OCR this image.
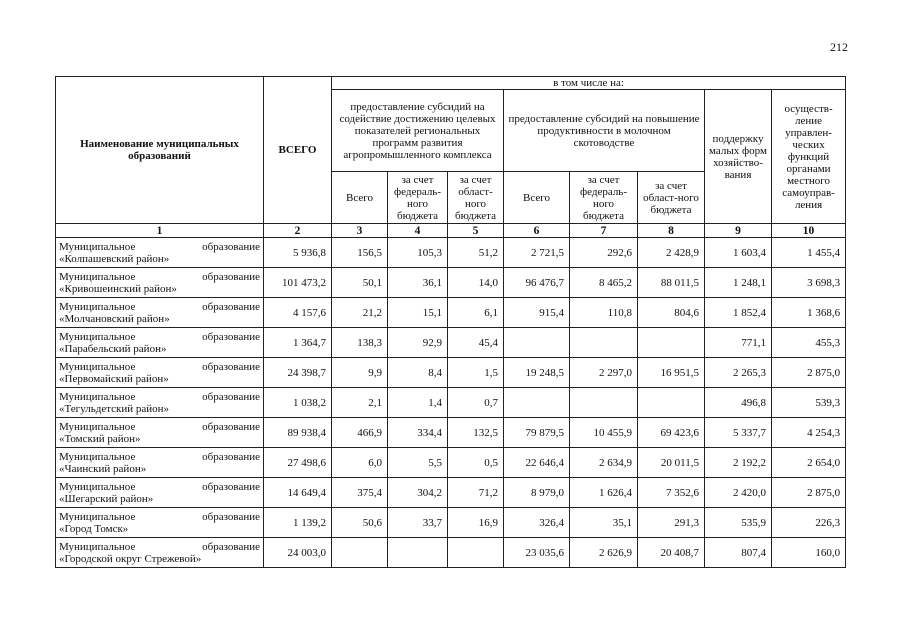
212
Наименование муниципальных образований	ВСЕГО	в том числе на:							
		предоставление субсидий на содействие достижению целевых показателей региональных программ развития агропромышленного комплекса			предоставление субсидий на повышение продуктивности в молочном скотоводстве			поддержку малых форм хозяйство-вания	осуществ-ление управлен-ческих функций органами местного самоуправ-ления
		Всего	за счет федераль-ного бюджета	за счет област-ного бюджета	Всего	за счет федераль-ного бюджета	за счет област-ного бюджета		
1	2	3	4	5	6	7	8	9	10

Муниципальное образование
«Колпашевский район»	5 936,8	156,5	105,3	51,2	2 721,5	292,6	2 428,9	1 603,4	1 455,4

Муниципальное образование
«Кривошеинский район»	101 473,2	50,1	36,1	14,0	96 476,7	8 465,2	88 011,5	1 248,1	3 698,3

Муниципальное образование
«Молчановский район»	4 157,6	21,2	15,1	6,1	915,4	110,8	804,6	1 852,4	1 368,6

Муниципальное образование
«Парабельский район»	1 364,7	138,3	92,9	45,4				771,1	455,3

Муниципальное образование
«Первомайский район»	24 398,7	9,9	8,4	1,5	19 248,5	2 297,0	16 951,5	2 265,3	2 875,0

Муниципальное образование
«Тегульдетский район»	1 038,2	2,1	1,4	0,7				496,8	539,3

Муниципальное образование
«Томский район»	89 938,4	466,9	334,4	132,5	79 879,5	10 455,9	69 423,6	5 337,7	4 254,3

Муниципальное образование
«Чаинский район»	27 498,6	6,0	5,5	0,5	22 646,4	2 634,9	20 011,5	2 192,2	2 654,0

Муниципальное образование
«Шегарский район»	14 649,4	375,4	304,2	71,2	8 979,0	1 626,4	7 352,6	2 420,0	2 875,0

Муниципальное образование
«Город Томск»	1 139,2	50,6	33,7	16,9	326,4	35,1	291,3	535,9	226,3

Муниципальное образование
«Городской округ Стрежевой»	24 003,0				23 035,6	2 626,9	20 408,7	807,4	160,0
